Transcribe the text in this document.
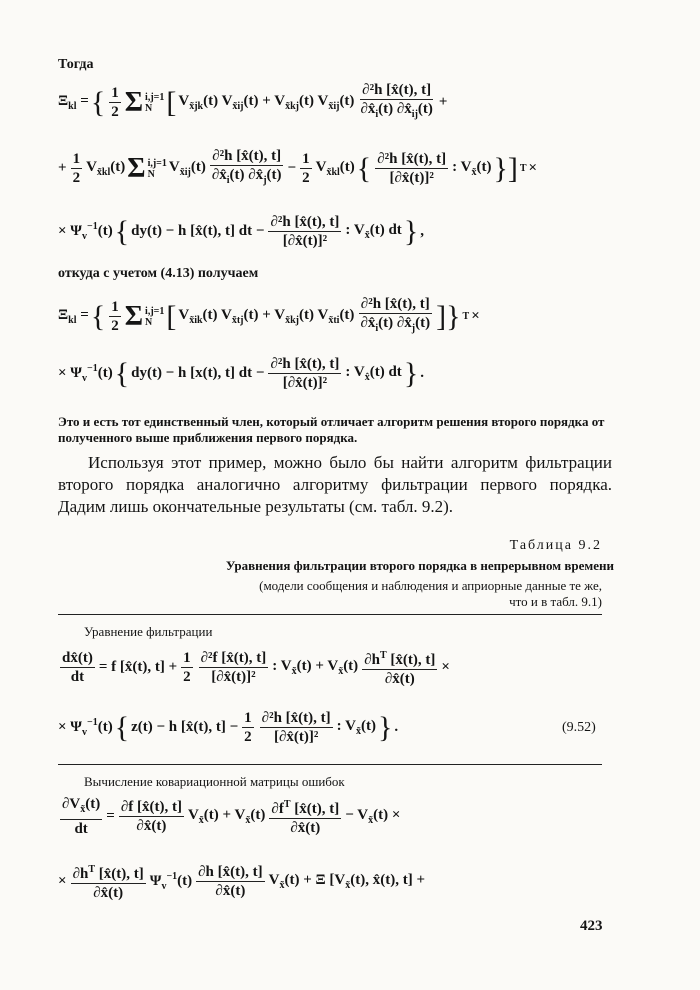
Тогда
$\Xi_{kl}$ = { $\frac{1}{2}$ Σ i,j=1
N [ $V_{x̃jk}(t) V_{x̃ij}(t) + V_{x̃kj}(t)$ $V_{x̃ij}(t) \frac{\text{∂²h [x̂(t), t]}}{\partial x̂_i(t) \partial x̂_{ij}(t)}$ +
+ $\frac{1}{2} V_{x̃kl}(t)$ Σ i,j=1
N $V_{x̃ij}(t) \frac{\text{∂²h [x̂(t), t]}}{\partial x̂_i(t) \partial x̂_j(t)} - \frac{1}{2} V_{x̃kl}(t)$ { $\frac{\text{∂²h [x̂(t), t]}}{\text{[∂x̂(t)]²}}$ : $V_{x̃}(t)$ }] T ×
× $\Psi_v^{-1}(t)$ { dy(t) − h [x̂(t), t] dt − $\frac{\text{∂²h [x̂(t), t]}}{\text{[∂x̂(t)]²}}$ : $V_{x̃}(t)$ dt } ,
откуда с учетом (4.13) получаем
$\Xi_{kl}$ = { $\frac{1}{2}$ Σ i,j=1
N [ $V_{x̃ik}(t) V_{x̃tj}(t) + V_{x̃kj}(t)$ $V_{x̃ti}(t) \frac{\text{∂²h [x̂(t), t]}}{\partial x̂_i(t) \partial x̂_j(t)}$ ]} T ×
× $\Psi_v^{-1}(t)$ { dy(t) − h [x(t), t] dt − $\frac{\text{∂²h [x̂(t), t]}}{\text{[∂x̂(t)]²}}$ : $V_{x̂}(t)$ dt } .
Это и есть тот единственный член, который отличает алгоритм решения второго порядка от полученного выше приближения первого порядка.
Используя этот пример, можно было бы найти алгоритм фильтрации второго порядка аналогично алгоритму фильтрации первого порядка. Дадим лишь окончательные результаты (см. табл. 9.2).
Таблица 9.2
Уравнения фильтрации второго порядка в непрерывном времени
(модели сообщения и наблюдения и априорные данные те же,
что и в табл. 9.1)
Уравнение фильтрации
$\frac{dx̂(t)}{dt} = f$ [x̂(t), $t] + \frac{1}{2} \frac{\text{∂²f [x̂(t), t]}}{\text{[∂x̂(t)]²}}$ : $V_{x̃}(t) + V_{x̃}(t) \frac{\partial h^T [x̂(t), t]}{\partial x̂(t)}$ ×
× $\Psi_v^{-1}(t)$ { z(t) − h [x̂(t), $t] - \frac{1}{2} \frac{\text{∂²h [x̂(t), t]}}{\text{[∂x̂(t)]²}}$ : $V_{x̃}(t)$ } .	(9.52)
Вычисление ковариационной матрицы ошибок
$\frac{\partial V_{x̃}(t)}{dt} = \frac{\partial f [x̂(t), t]}{\partial x̂(t)} V_{x̃}(t) + V_{x̃}(t) \frac{\partial f^T [x̂(t), t]}{\partial x̂(t)} - V_{x̃}(t)$ ×
× $\frac{\partial h^T [x̂(t), t]}{\partial x̂(t)} \Psi_v^{-1}(t) \frac{\partial h [x̂(t), t]}{\partial x̂(t)} V_{x̃}(t) + \Xi$ [$V_{x̃}(t)$, x̂(t), t] +
423
